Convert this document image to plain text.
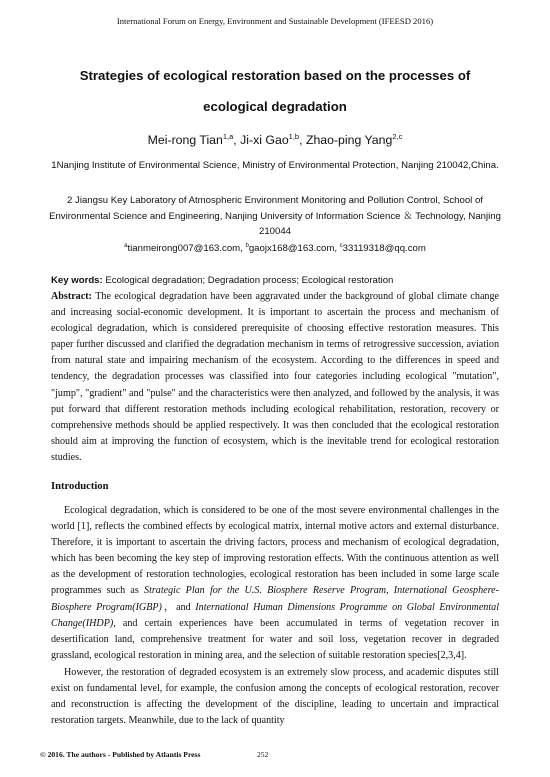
International Forum on Energy, Environment and Sustainable Development (IFEESD 2016)
Strategies of ecological restoration based on the processes of
ecological degradation
Mei-rong Tian$^{1,a}$, Ji-xi Gao$^{1,b}$, Zhao-ping Yang$^{2,c}$
1Nanjing Institute of Environmental Science, Ministry of Environmental Protection, Nanjing 210042,China.
2 Jiangsu Key Laboratory of Atmospheric Environment Monitoring and Pollution Control, School of Environmental Science and Engineering, Nanjing University of Information Science ＆ Technology, Nanjing 210044
$^a$tianmeirong007@163.com, $^b$gaojx168@163.com, $^c$33119318@qq.com
Key words: Ecological degradation; Degradation process; Ecological restoration

Abstract: The ecological degradation have been aggravated under the background of global climate change and increasing social-economic development. It is important to ascertain the process and mechanism of ecological degradation, which is considered prerequisite of choosing effective restoration measures. This paper further discussed and clarified the degradation mechanism in terms of retrogressive succession, aviation from natural state and impairing mechanism of the ecosystem. According to the differences in speed and tendency, the degradation processes was classified into four categories including ecological "mutation", "jump", "gradient" and "pulse" and the characteristics were then analyzed, and followed by the analysis, it was put forward that different restoration methods including ecological rehabilitation, restoration, recovery or comprehensive methods should be applied respectively. It was then concluded that the ecological restoration should aim at improving the function of ecosystem, which is the inevitable trend for ecological restoration studies.

Introduction

Ecological degradation, which is considered to be one of the most severe environmental challenges in the world [1], reflects the combined effects by ecological matrix, internal motive actors and external disturbance. Therefore, it is important to ascertain the driving factors, process and mechanism of ecological degradation, which has been becoming the key step of improving restoration effects. With the continuous attention as well as the development of restoration technologies, ecological restoration has been included in some large scale programmes such as Strategic Plan for the U.S. Biosphere Reserve Program, International Geosphere-Biosphere Program(IGBP)，and International Human Dimensions Programme on Global Environmental Change(IHDP), and certain experiences have been accumulated in terms of vegetation recover in desertification land, comprehensive treatment for water and soil loss, vegetation recover in degraded grassland, ecological restoration in mining area, and the selection of suitable restoration species[2,3,4].

However, the restoration of degraded ecosystem is an extremely slow process, and academic disputes still exist on fundamental level, for example, the confusion among the concepts of ecological restoration, recover and reconstruction is affecting the development of the discipline, leading to uncertain and impractical restoration targets. Meanwhile, due to the lack of quantity

© 2016. The authors - Published by Atlantis Press	252
